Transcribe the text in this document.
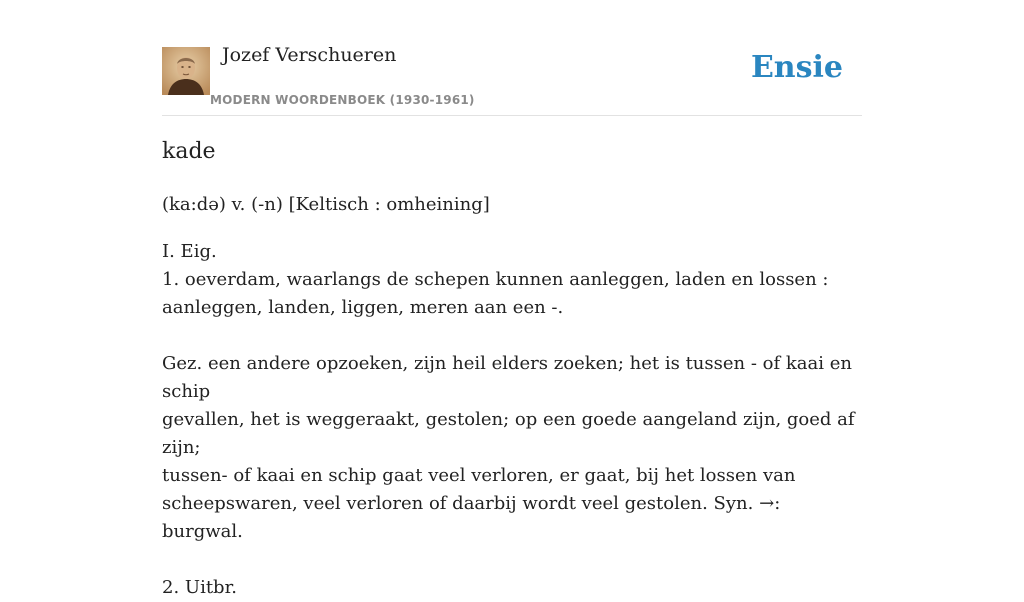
Jozef Verschueren
MODERN WOORDENBOEK (1930-1961)
Ensie
kade
(ka:də) v. (-n) [Keltisch : omheining]

I. Eig.

1. oeverdam, waarlangs de schepen kunnen aanleggen, laden en lossen :

aanleggen, landen, liggen, meren aan een -.

Gez. een andere opzoeken, zijn heil elders zoeken; het is tussen - of kaai en schip

gevallen, het is weggeraakt, gestolen; op een goede aangeland zijn, goed af zijn;

tussen- of kaai en schip gaat veel verloren, er gaat, bij het lossen van

scheepswaren, veel verloren of daarbij wordt veel gestolen. Syn. →: burgwal.

2. Uitbr.
